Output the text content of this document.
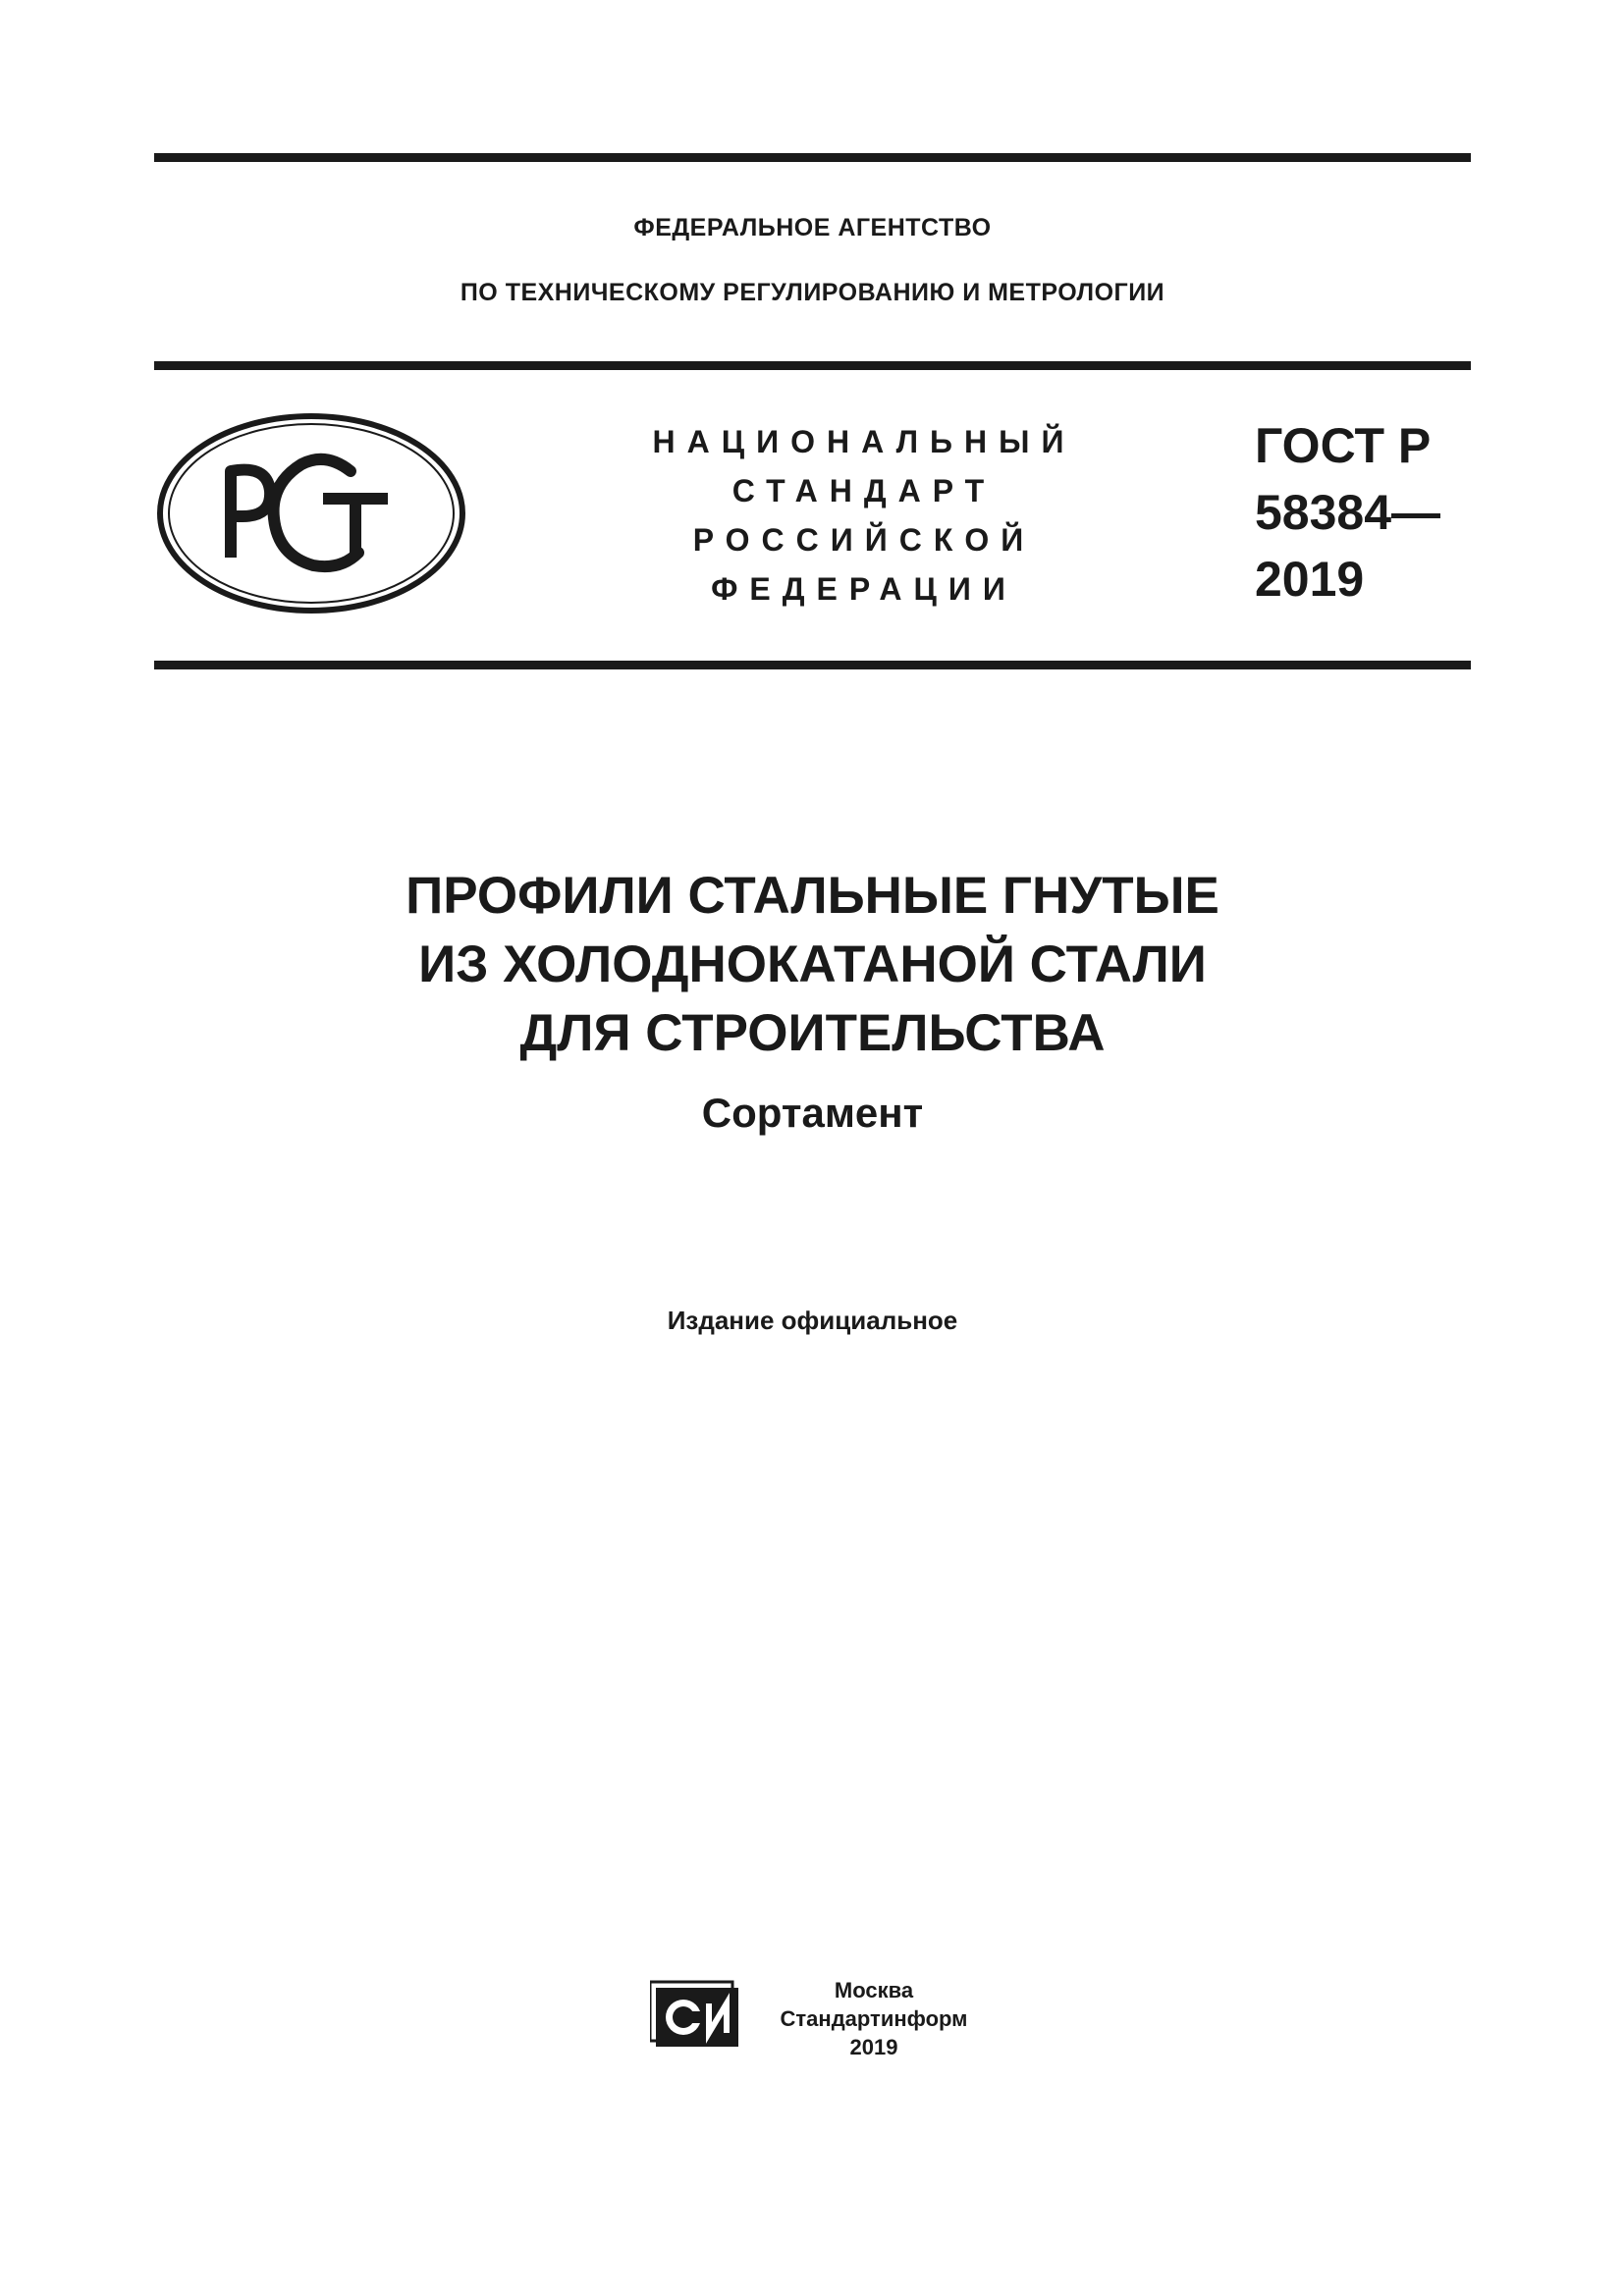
ФЕДЕРАЛЬНОЕ АГЕНТСТВО
ПО ТЕХНИЧЕСКОМУ РЕГУЛИРОВАНИЮ И МЕТРОЛОГИИ
НАЦИОНАЛЬНЫЙ
СТАНДАРТ
РОССИЙСКОЙ
ФЕДЕРАЦИИ
ГОСТ Р
58384—
2019
ПРОФИЛИ СТАЛЬНЫЕ ГНУТЫЕ
ИЗ ХОЛОДНОКАТАНОЙ СТАЛИ
ДЛЯ СТРОИТЕЛЬСТВА
Сортамент
Издание официальное
Москва
Стандартинформ
2019
